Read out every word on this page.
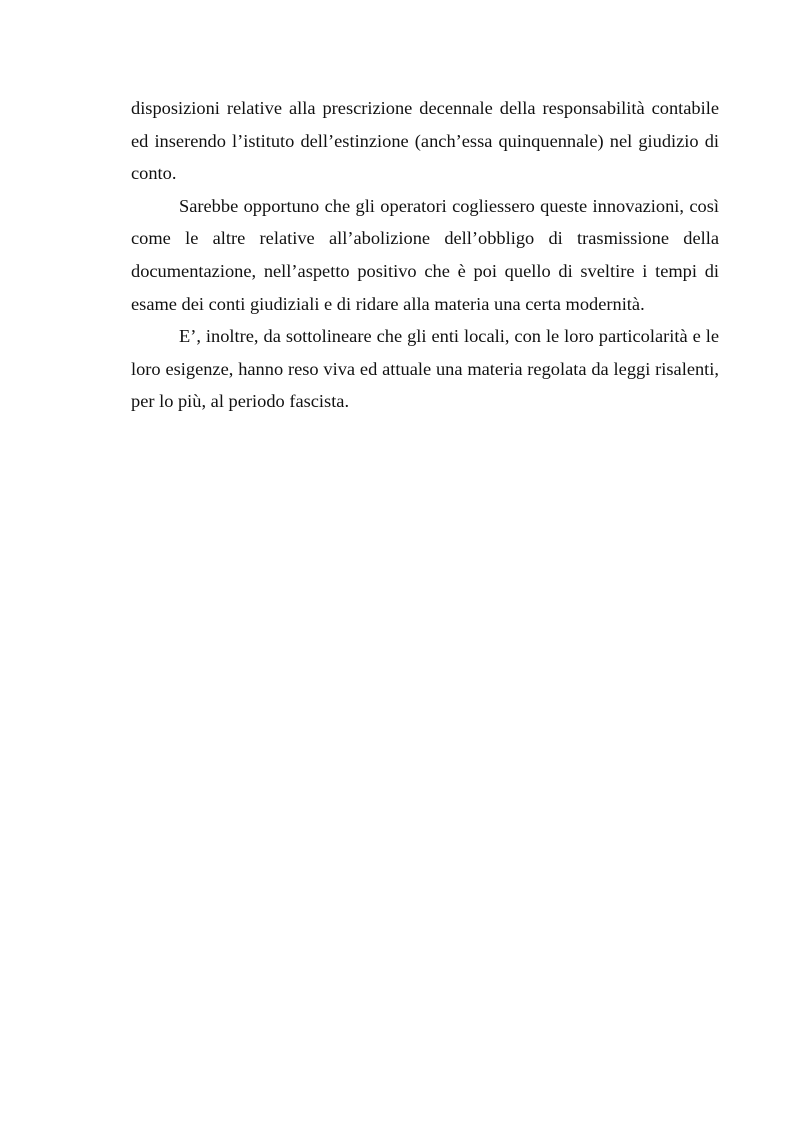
disposizioni relative alla prescrizione decennale della responsabilità contabile ed inserendo l’istituto dell’estinzione (anch’essa quinquennale) nel giudizio di conto.

Sarebbe opportuno che gli operatori cogliessero queste innovazioni, così come le altre relative all’abolizione dell’obbligo di trasmissione della documentazione, nell’aspetto positivo che è poi quello di sveltire i tempi di esame dei conti giudiziali e di ridare alla materia una certa modernità.

E’, inoltre, da sottolineare che gli enti locali, con le loro particolarità e le loro esigenze, hanno reso viva ed attuale una materia regolata da leggi risalenti, per lo più, al periodo fascista.
